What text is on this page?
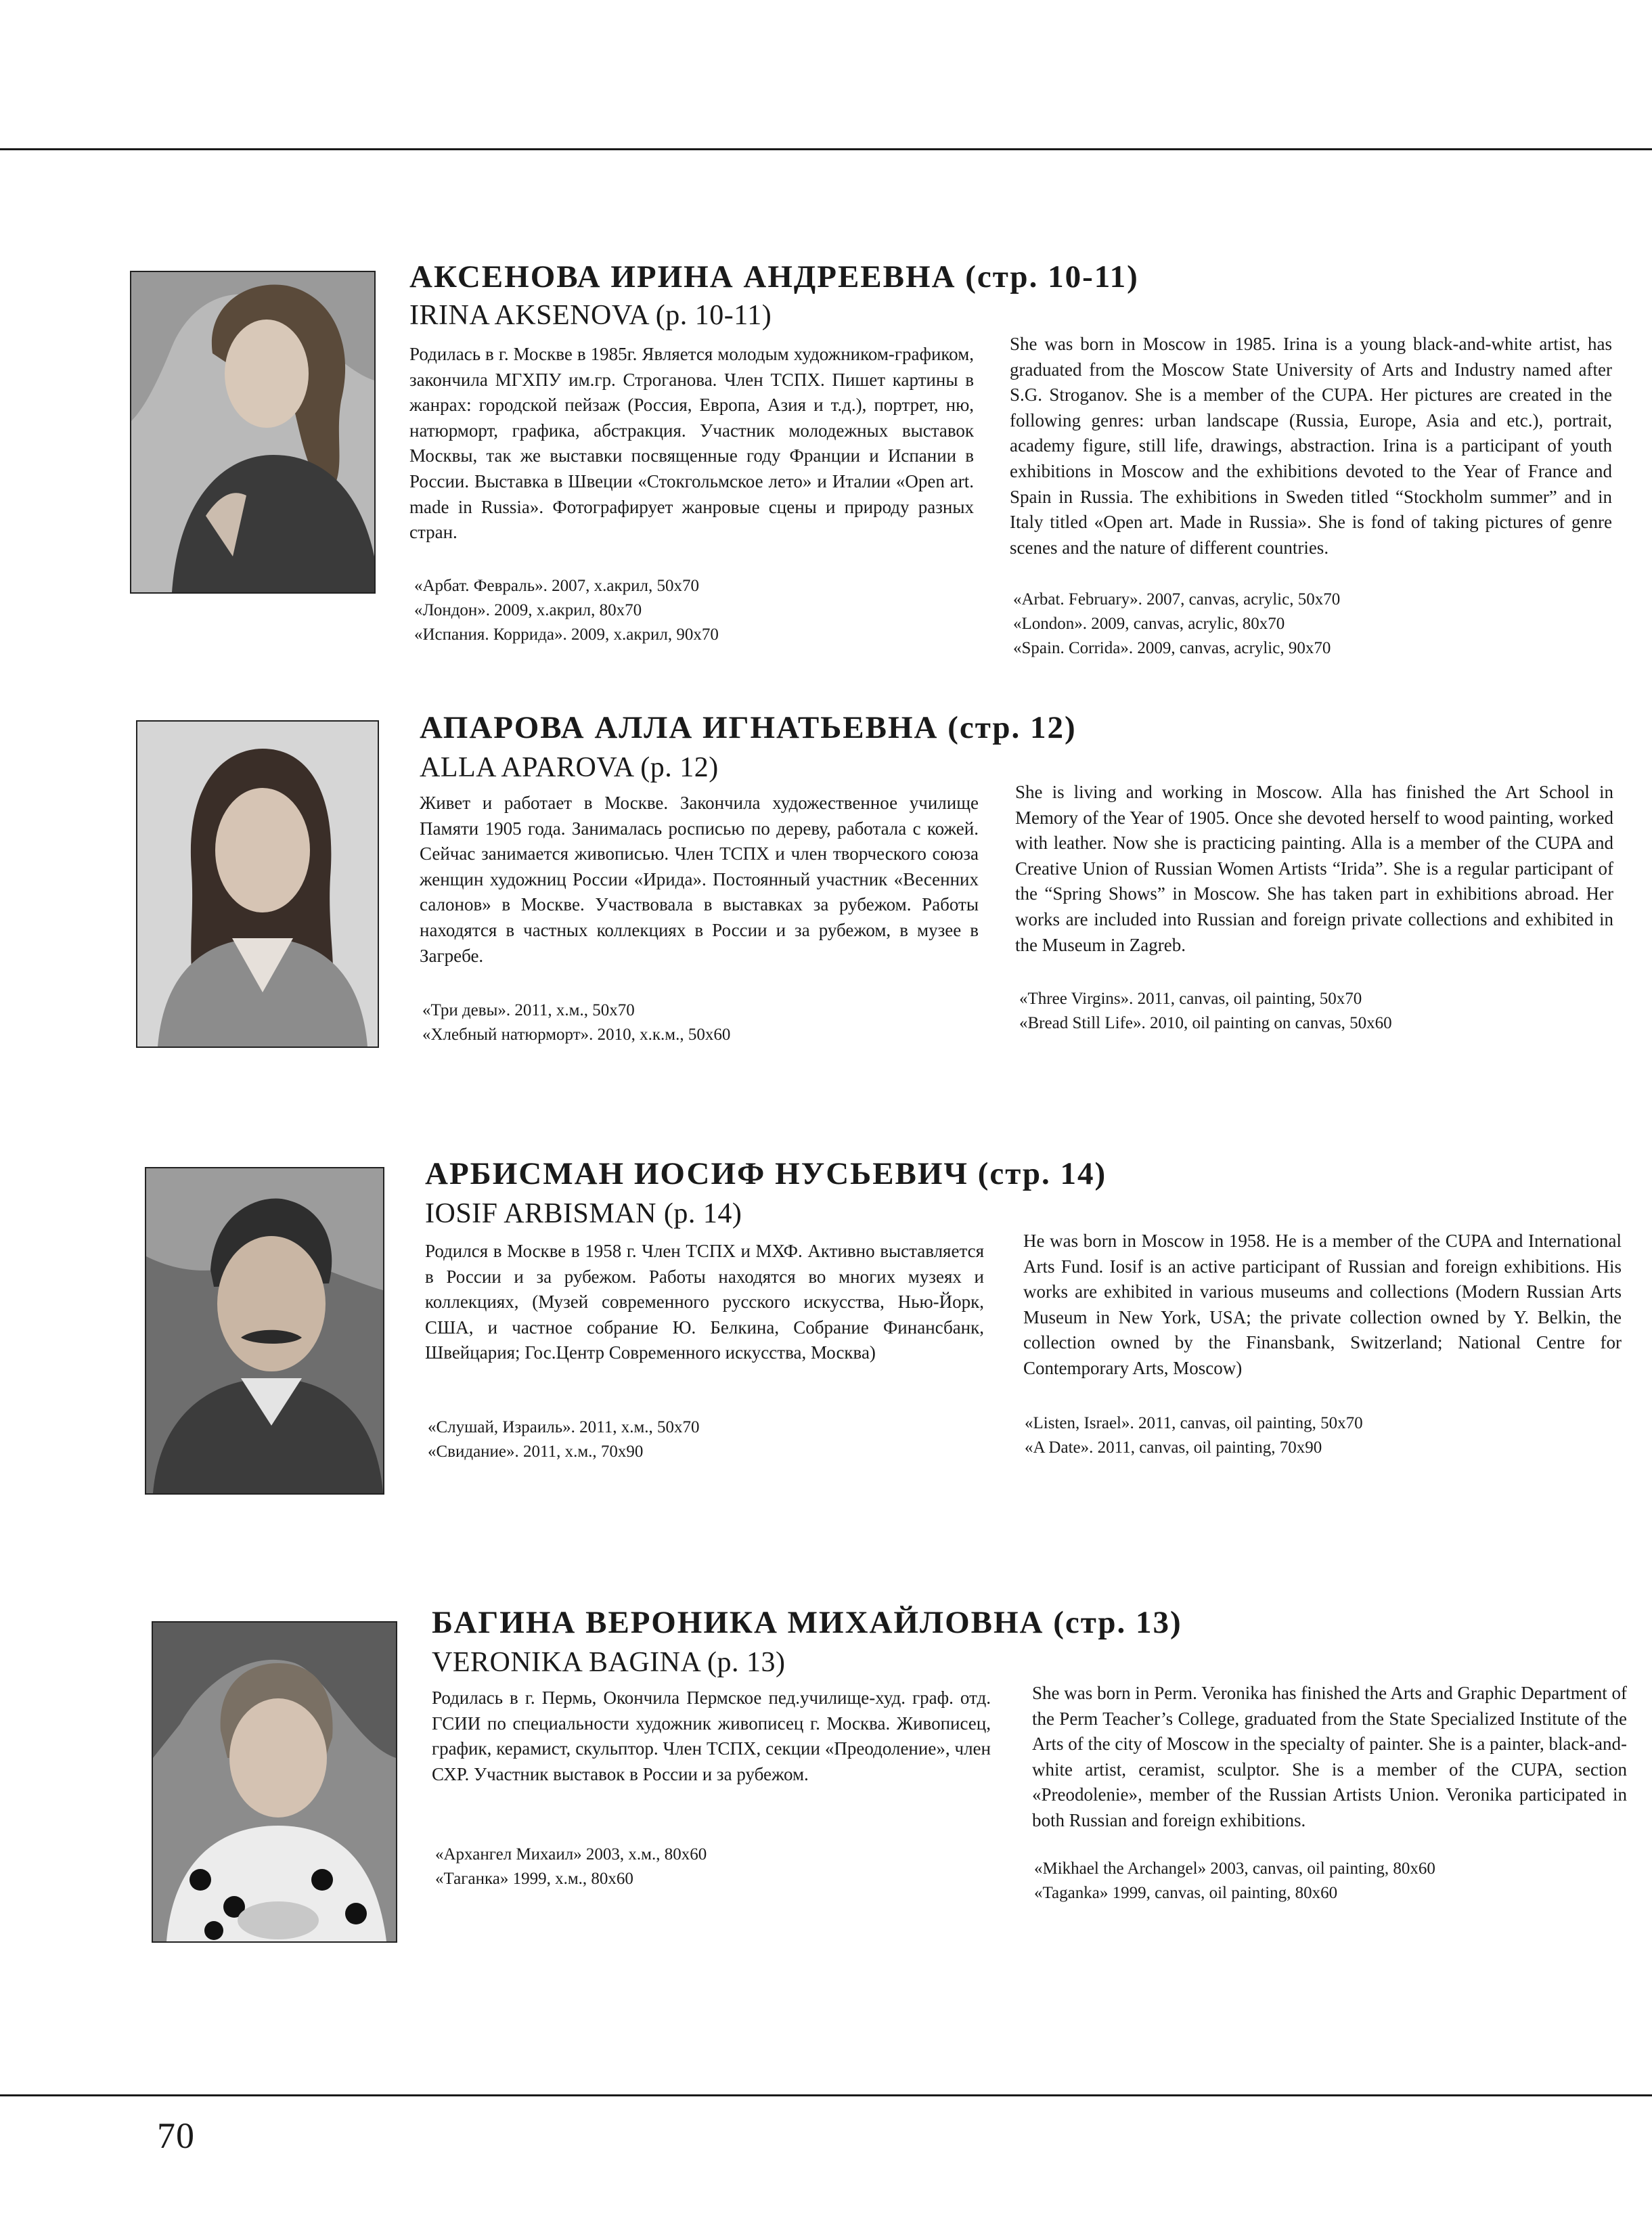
АКСЕНОВА ИРИНА АНДРЕЕВНА (стр. 10-11)
IRINA AKSENOVA (p. 10-11)

Родилась в г. Москве в 1985г. Является молодым художником-графиком, закончила МГХПУ им.гр. Строганова. Член ТСПХ. Пишет картины в жанрах: городской пейзаж (Россия, Европа, Азия и т.д.), портрет, ню, натюрморт, графика, абстракция. Участник молодежных выставок Москвы, так же выставки посвященные году Франции и Испании в России. Выставка в Швеции «Стокгольмское лето» и Италии «Open art. made in Russia». Фотографирует жанровые сцены и природу разных стран.

She was born in Moscow in 1985. Irina is a young black-and-white artist, has graduated from the Moscow State University of Arts and Industry named after S.G. Stroganov. She is a member of the CUPA. Her pictures are created in the following genres: urban landscape (Russia, Europe, Asia and etc.), portrait, academy figure, still life, drawings, abstraction. Irina is a participant of youth exhibitions in Moscow and the exhibitions devoted to the Year of France and Spain in Russia. The exhibitions in Sweden titled “Stockholm summer” and in Italy titled «Open art. Made in Russia». She is fond of taking pictures of genre scenes and the nature of different countries.

«Арбат. Февраль». 2007, х.акрил, 50х70
«Лондон». 2009, х.акрил, 80х70
«Испания. Коррида». 2009, х.акрил, 90х70
«Arbat. February». 2007, canvas, acrylic, 50x70
«London». 2009, canvas, acrylic, 80x70
«Spain. Corrida». 2009, canvas, acrylic, 90x70
АПАРОВА АЛЛА ИГНАТЬЕВНА (стр. 12)
ALLA APAROVA (p. 12)

Живет и работает в Москве. Закончила художественное училище Памяти 1905 года. Занималась росписью по дереву, работала с кожей. Сейчас занимается живописью. Член ТСПХ и член творческого союза женщин художниц России «Ирида». Постоянный участник «Весенних салонов» в Москве. Участвовала в выставках за рубежом. Работы находятся в частных коллекциях в России и за рубежом, в музее в Загребе.

She is living and working in Moscow. Alla has finished the Art School in Memory of the Year of 1905. Once she devoted herself to wood painting, worked with leather. Now she is practicing painting. Alla is a member of the CUPA and Creative Union of Russian Women Artists “Irida”. She is a regular participant of the “Spring Shows” in Moscow. She has taken part in exhibitions abroad. Her works are included into Russian and foreign private collections and exhibited in the Museum in Zagreb.

«Три девы». 2011, х.м., 50х70
«Хлебный натюрморт». 2010, х.к.м., 50х60
«Three Virgins». 2011, canvas, oil painting, 50x70
«Bread Still Life». 2010, oil painting on canvas, 50x60
АРБИСМАН ИОСИФ НУСЬЕВИЧ (стр. 14)
IOSIF ARBISMAN (p. 14)

Родился в Москве в 1958 г. Член ТСПХ и МХФ. Активно выставляется в России и за рубежом. Работы находятся во многих музеях и коллекциях, (Музей современного русского искусства, Нью-Йорк, США, и частное собрание Ю. Белкина, Собрание Финансбанк, Швейцария; Гос.Центр Современного искусства, Москва)

He was born in Moscow in 1958. He is a member of the CUPA and International Arts Fund. Iosif is an active participant of Russian and foreign exhibitions. His works are exhibited in various museums and collections (Modern Russian Arts Museum in New York, USA; the private collection owned by Y. Belkin, the collection owned by the Finansbank, Switzerland; National Centre for Contemporary Arts, Moscow)

«Слушай, Израиль». 2011, х.м., 50х70
«Свидание». 2011, х.м., 70х90
«Listen, Israel». 2011, canvas, oil painting, 50x70
«A Date». 2011, canvas, oil painting, 70x90
БАГИНА ВЕРОНИКА МИХАЙЛОВНА (стр. 13)
VERONIKA BAGINA (p. 13)

Родилась в г. Пермь, Окончила Пермское пед.училище-худ. граф. отд. ГСИИ по специальности художник живописец г. Москва. Живописец, график, керамист, скульптор. Член ТСПХ, секции «Преодоление», член СХР. Участник выставок в России и за рубежом.

«Архангел Михаил» 2003, х.м., 80х60
«Таганка» 1999, х.м., 80х60

She was born in Perm. Veronika has finished the Arts and Graphic Department of the Perm Teacher’s College, graduated from the State Specialized Institute of the Arts of the city of Moscow in the specialty of painter. She is a painter, black-and-white artist, ceramist, sculptor. She is a member of the CUPA, section «Preodolenie», member of the Russian Artists Union. Veronika participated in both Russian and foreign exhibitions.

«Mikhael the Archangel» 2003, canvas, oil painting, 80x60
«Taganka» 1999, canvas, oil painting, 80x60
70
